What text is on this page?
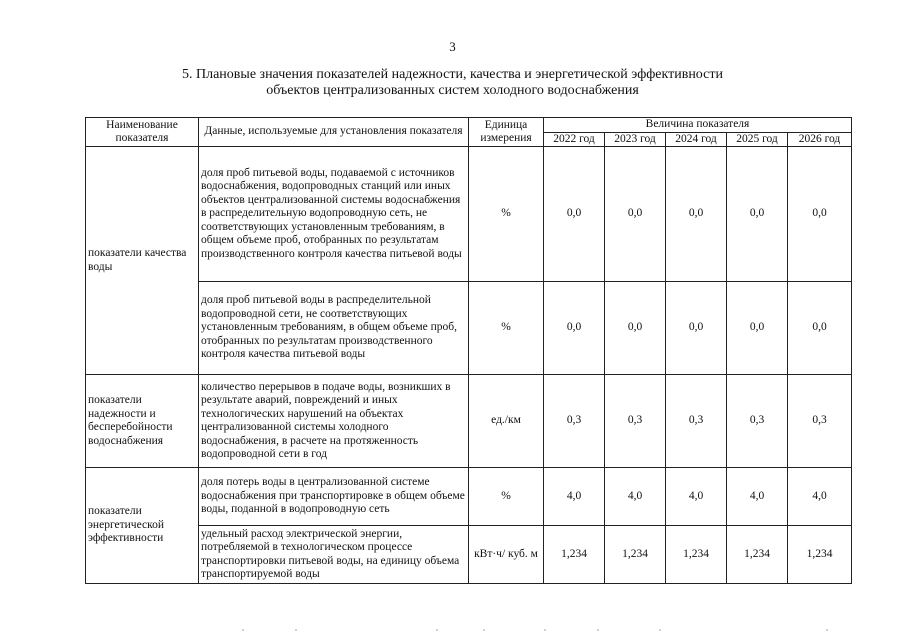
3
5. Плановые значения показателей надежности, качества и энергетической эффективности
объектов централизованных систем холодного водоснабжения
Наименование показателя	Данные, используемые для установления показателя	Единица измерения	Величина показателя				
			2022 год	2023 год	2024 год	2025 год	2026 год
показатели качества воды	доля проб питьевой воды, подаваемой с источников водоснабжения, водопроводных станций или иных объектов централизованной системы водоснабжения в распределительную водопроводную сеть, не соответствующих установленным требованиям, в общем объеме проб, отобранных по результатам производственного контроля качества питьевой воды	%	0,0	0,0	0,0	0,0	0,0
	доля проб питьевой воды в распределительной водопроводной сети, не соответствующих установленным требованиям, в общем объеме проб, отобранных по результатам производственного контроля качества питьевой воды	%	0,0	0,0	0,0	0,0	0,0
показатели надежности и бесперебойности водоснабжения	количество перерывов в подаче воды, возникших в результате аварий, повреждений и иных технологических нарушений на объектах централизованной системы холодного водоснабжения, в расчете на протяженность водопроводной сети в год	ед./км	0,3	0,3	0,3	0,3	0,3
показатели энергетической эффективности	доля потерь воды в централизованной системе водоснабжения при транспортировке в общем объеме воды, поданной в водопроводную сеть	%	4,0	4,0	4,0	4,0	4,0
	удельный расход электрической энергии, потребляемой в технологическом процессе транспортировки питьевой воды, на единицу объема транспортируемой воды	кВт·ч/ куб. м	1,234	1,234	1,234	1,234	1,234
